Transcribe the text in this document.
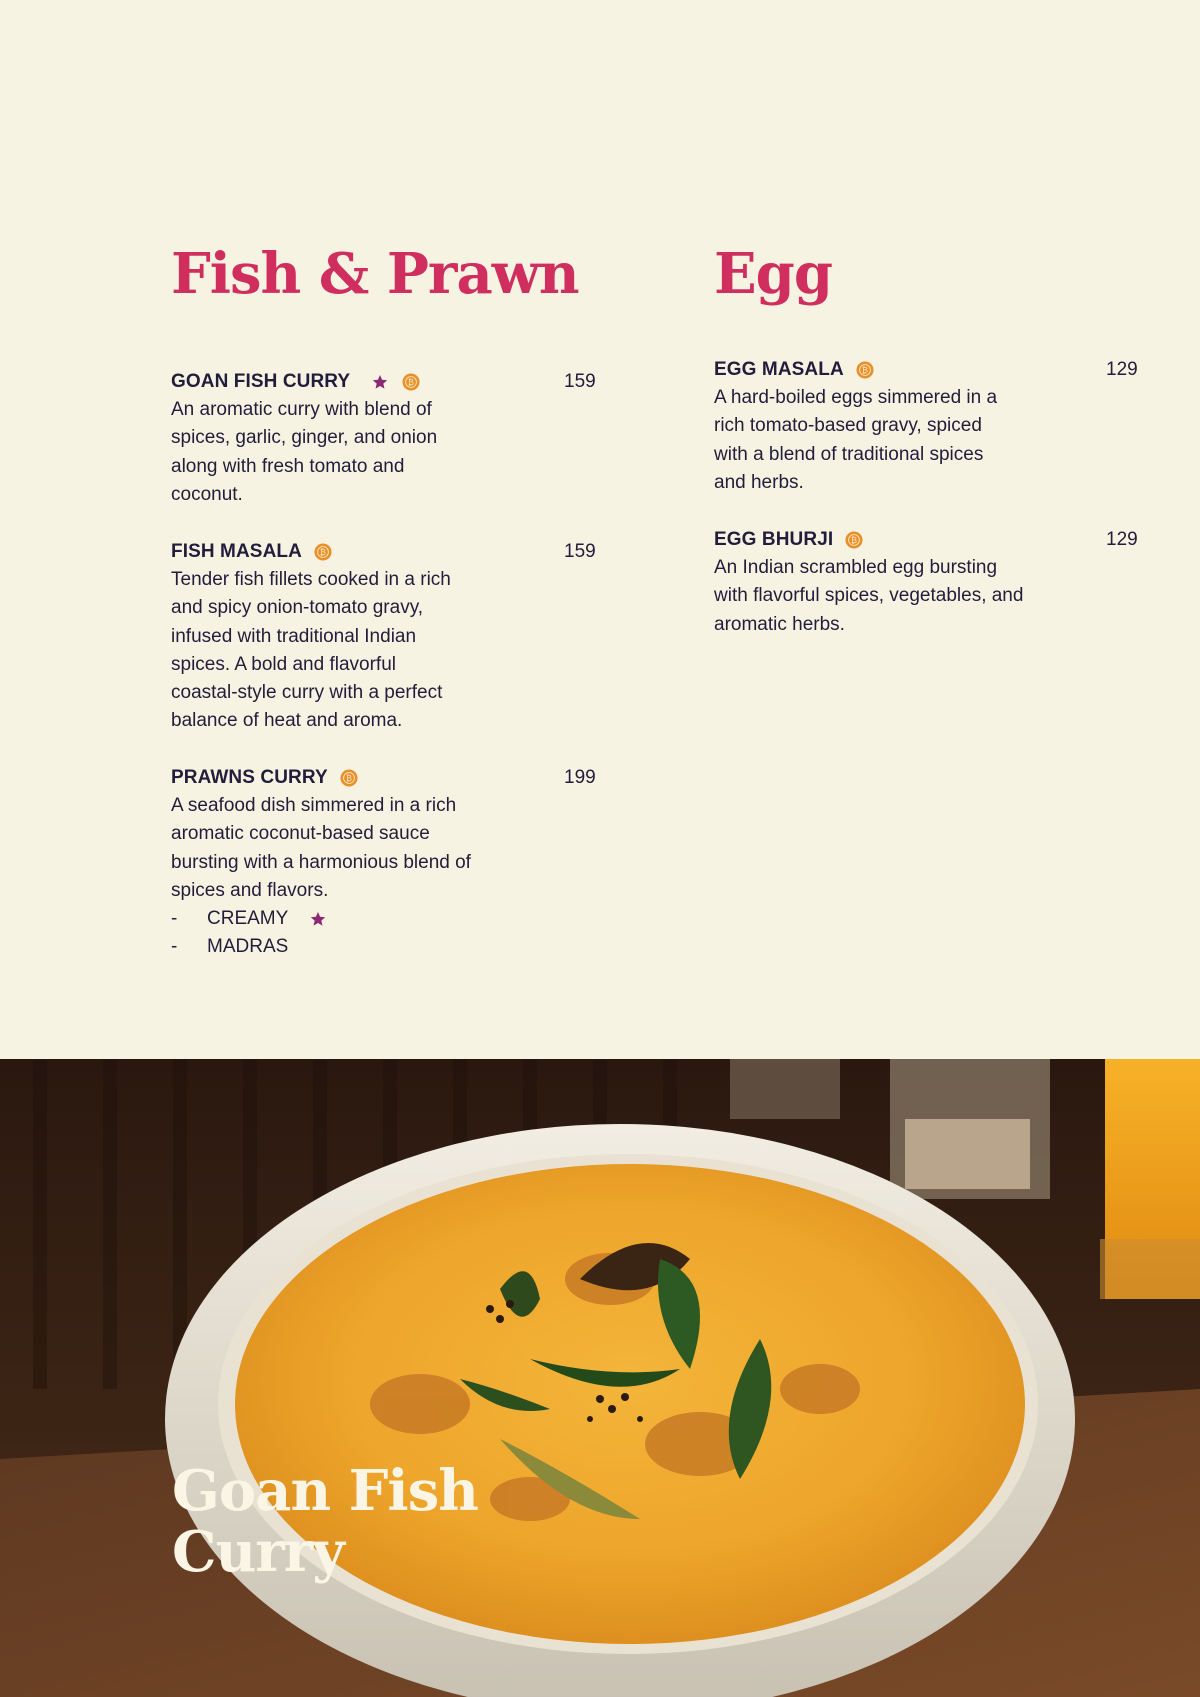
Fish & Prawn Egg
GOAN FISH CURRY	₿	159
An aromatic curry with blend of
spices, garlic, ginger, and onion
along with fresh tomato and
coconut.
FISH MASALA ₿	159
Tender fish fillets cooked in a rich
and spicy onion-tomato gravy,
infused with traditional Indian
spices. A bold and flavorful
coastal-style curry with a perfect
balance of heat and aroma.
PRAWNS CURRY ₿	199
A seafood dish simmered in a rich
aromatic coconut-based sauce
bursting with a harmonious blend of
spices and flavors.
-	CREAMY
-	MADRAS
EGG MASALA ₿	129
A hard-boiled eggs simmered in a
rich tomato-based gravy, spiced
with a blend of traditional spices
and herbs.
EGG BHURJI ₿	129
An Indian scrambled egg bursting
with flavorful spices, vegetables, and
aromatic herbs.
Goan Fish
Curry
